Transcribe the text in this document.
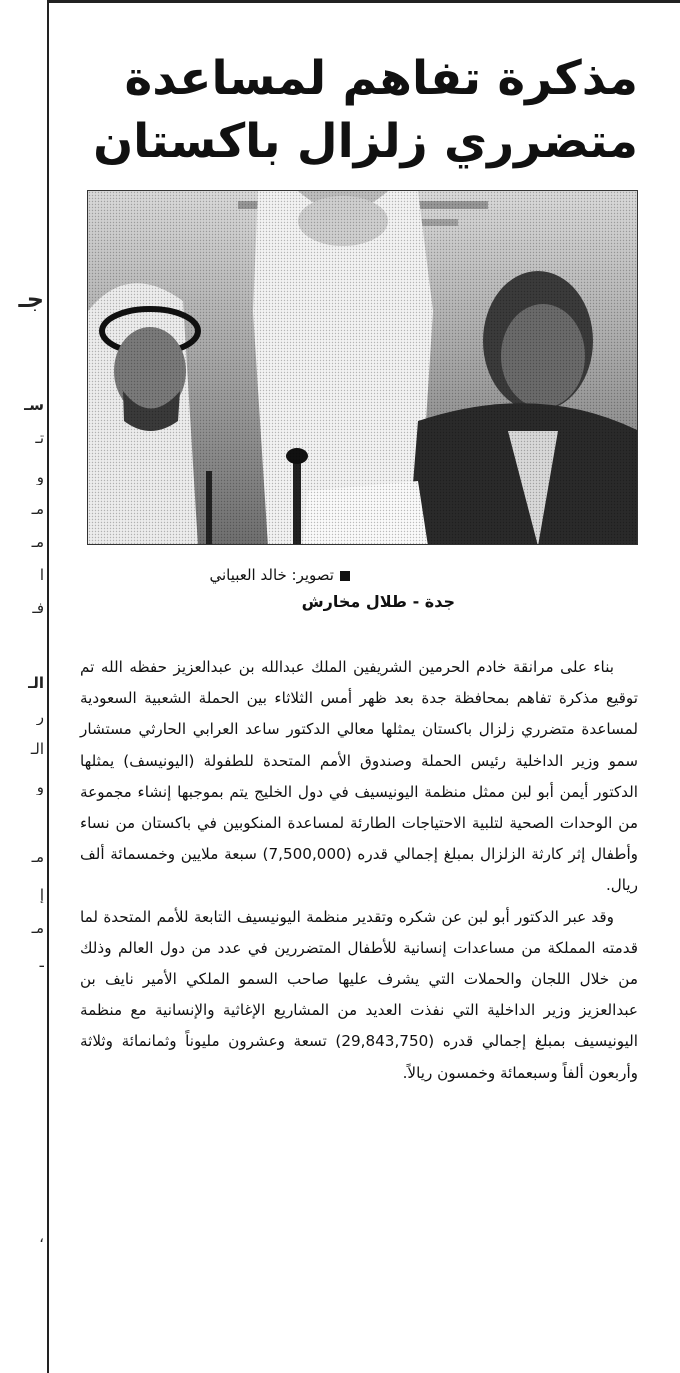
جـ
سـ
تـ
و
مـ
مـ
ا
فـ
الـ
ر
الـ
و
مـ
إ
مـ
ـ
،
مذكرة تفاهم لمساعدة
متضرري زلزال باكستان
تصوير: خالد العبياني
جدة - طلال مخارش

بناء على مرانقة خادم الحرمين الشريفين الملك عبدالله بن عبدالعزيز حفظه الله تم توقيع مذكرة تفاهم بمحافظة جدة بعد ظهر أمس الثلاثاء بين الحملة الشعبية السعودية لمساعدة متضرري زلزال باكستان يمثلها معالي الدكتور ساعد العرابي الحارثي مستشار سمو وزير الداخلية رئيس الحملة وصندوق الأمم المتحدة للطفولة (اليونيسف) يمثلها الدكتور أيمن أبو لبن ممثل منظمة اليونيسيف في دول الخليج يتم بموجبها إنشاء مجموعة من الوحدات الصحية لتلبية الاحتياجات الطارئة لمساعدة المنكوبين في باكستان من نساء وأطفال إثر كارثة الزلزال بمبلغ إجمالي قدره (7,500,000) سبعة ملايين وخمسمائة ألف ريال.

وقد عبر الدكتور أبو لبن عن شكره وتقدير منظمة اليونيسيف التابعة للأمم المتحدة لما قدمته المملكة من مساعدات إنسانية للأطفال المتضررين في عدد من دول العالم وذلك من خلال اللجان والحملات التي يشرف عليها صاحب السمو الملكي الأمير نايف بن عبدالعزيز وزير الداخلية التي نفذت العديد من المشاريع الإغاثية والإنسانية مع منظمة اليونيسيف بمبلغ إجمالي قدره (29,843,750) تسعة وعشرون مليوناً وثمانمائة وثلاثة وأربعون ألفاً وسبعمائة وخمسون ريالاً.
